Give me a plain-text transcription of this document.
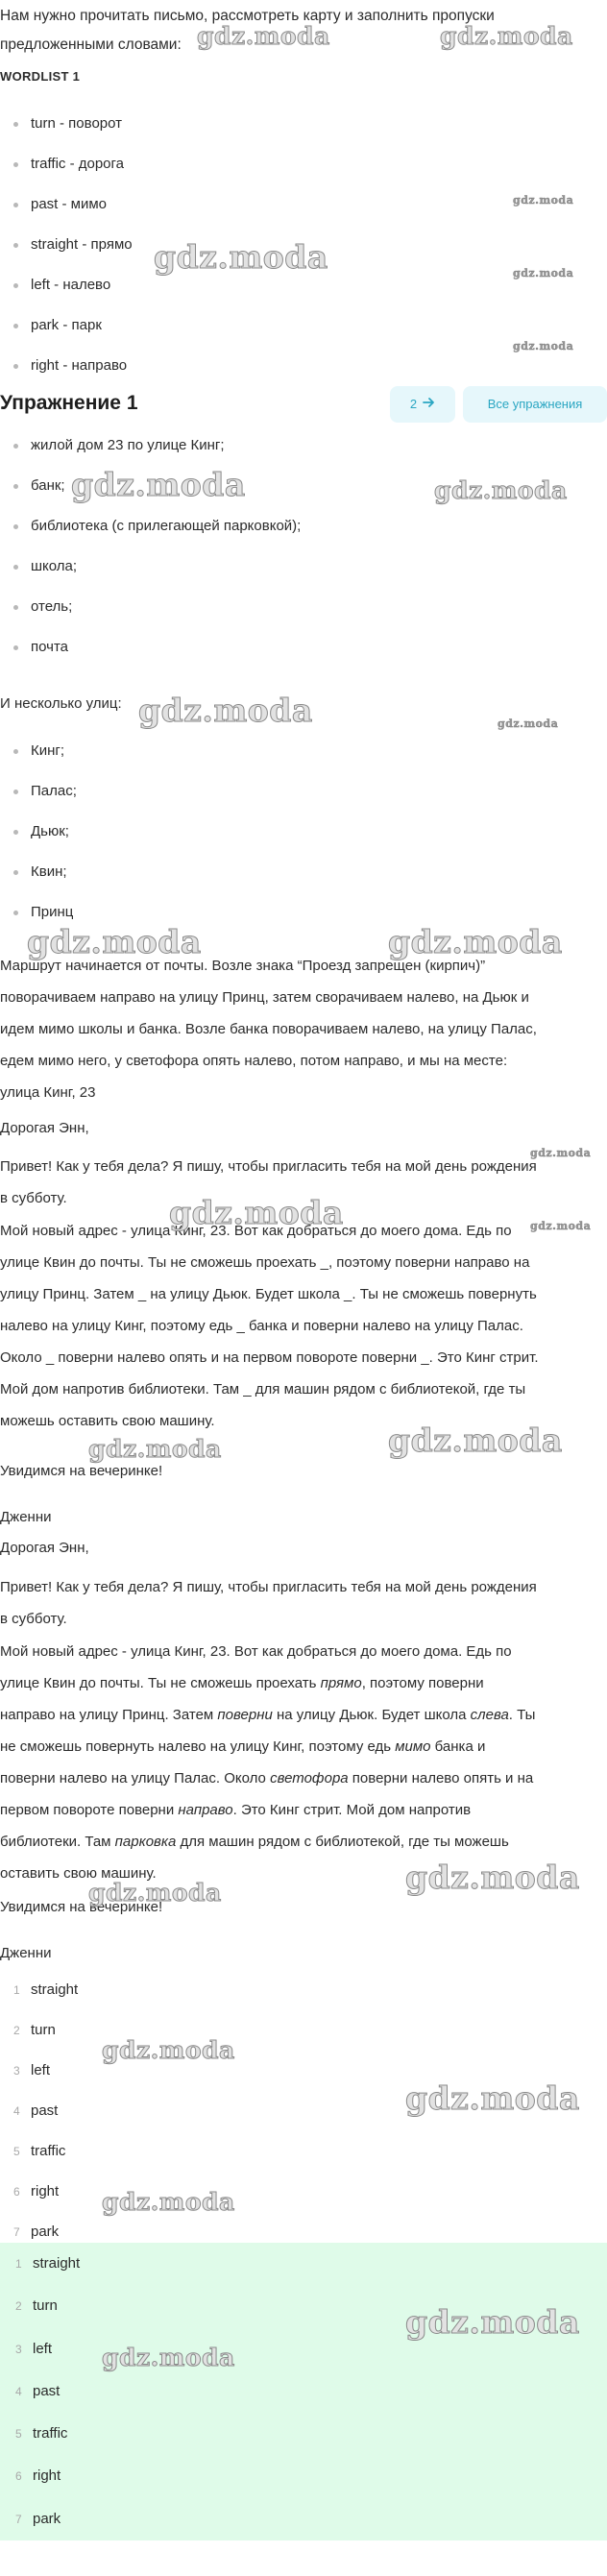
Нам нужно прочитать письмо, рассмотреть карту и заполнить пропуски
предложенными словами:
WORDLIST 1
turn - поворот
traffic - дорога
past - мимо
straight - прямо
left - налево
park - парк
right - направо
Упражнение 1	2	Все упражнения
жилой дом 23 по улице Кинг;
банк;
библиотека (с прилегающей парковкой);
школа;
отель;
почта
И несколько улиц:
Кинг;
Палас;
Дьюк;
Квин;
Принц
Маршрут начинается от почты. Возле знака “Проезд запрещен (кирпич)”
поворачиваем направо на улицу Принц, затем сворачиваем налево, на Дьюк и
идем мимо школы и банка. Возле банка поворачиваем налево, на улицу Палас,
едем мимо него, у светофора опять налево, потом направо, и мы на месте:
улица Кинг, 23
Дорогая Энн,
Привет! Как у тебя дела? Я пишу, чтобы пригласить тебя на мой день рождения
в субботу.
Мой новый адрес - улица Кинг, 23. Вот как добраться до моего дома. Едь по
улице Квин до почты. Ты не сможешь проехать _, поэтому поверни направо на
улицу Принц. Затем _ на улицу Дьюк. Будет школа _. Ты не сможешь повернуть
налево на улицу Кинг, поэтому едь _ банка и поверни налево на улицу Палас.
Около _ поверни налево опять и на первом повороте поверни _. Это Кинг стрит.
Мой дом напротив библиотеки. Там _ для машин рядом с библиотекой, где ты
можешь оставить свою машину.
Увидимся на вечеринке!
Дженни
Дорогая Энн,
Привет! Как у тебя дела? Я пишу, чтобы пригласить тебя на мой день рождения
в субботу.
Мой новый адрес - улица Кинг, 23. Вот как добраться до моего дома. Едь по
улице Квин до почты. Ты не сможешь проехать прямо, поэтому поверни
направо на улицу Принц. Затем поверни на улицу Дьюк. Будет школа слева. Ты
не сможешь повернуть налево на улицу Кинг, поэтому едь мимо банка и
поверни налево на улицу Палас. Около светофора поверни налево опять и на
первом повороте поверни направо. Это Кинг стрит. Мой дом напротив
библиотеки. Там парковка для машин рядом с библиотекой, где ты можешь
оставить свою машину.
Увидимся на вечеринке!
Дженни
1 straight
2 turn
3 left
4 past
5 traffic
6 right
7 park
1 straight
2 turn
3 left
4 past
5 traffic
6 right
7 park
gdz.moda	gdz.moda
gdz.moda
gdz.moda	gdz.moda
gdz.moda
gdz.moda	gdz.moda
gdz.moda	gdz.moda
gdz.moda	gdz.moda
gdz.moda
gdz.moda	gdz.moda
gdz.moda
gdz.moda
gdz.moda
gdz.moda
gdz.moda
gdz.moda
gdz.moda
gdz.moda
gdz.moda
